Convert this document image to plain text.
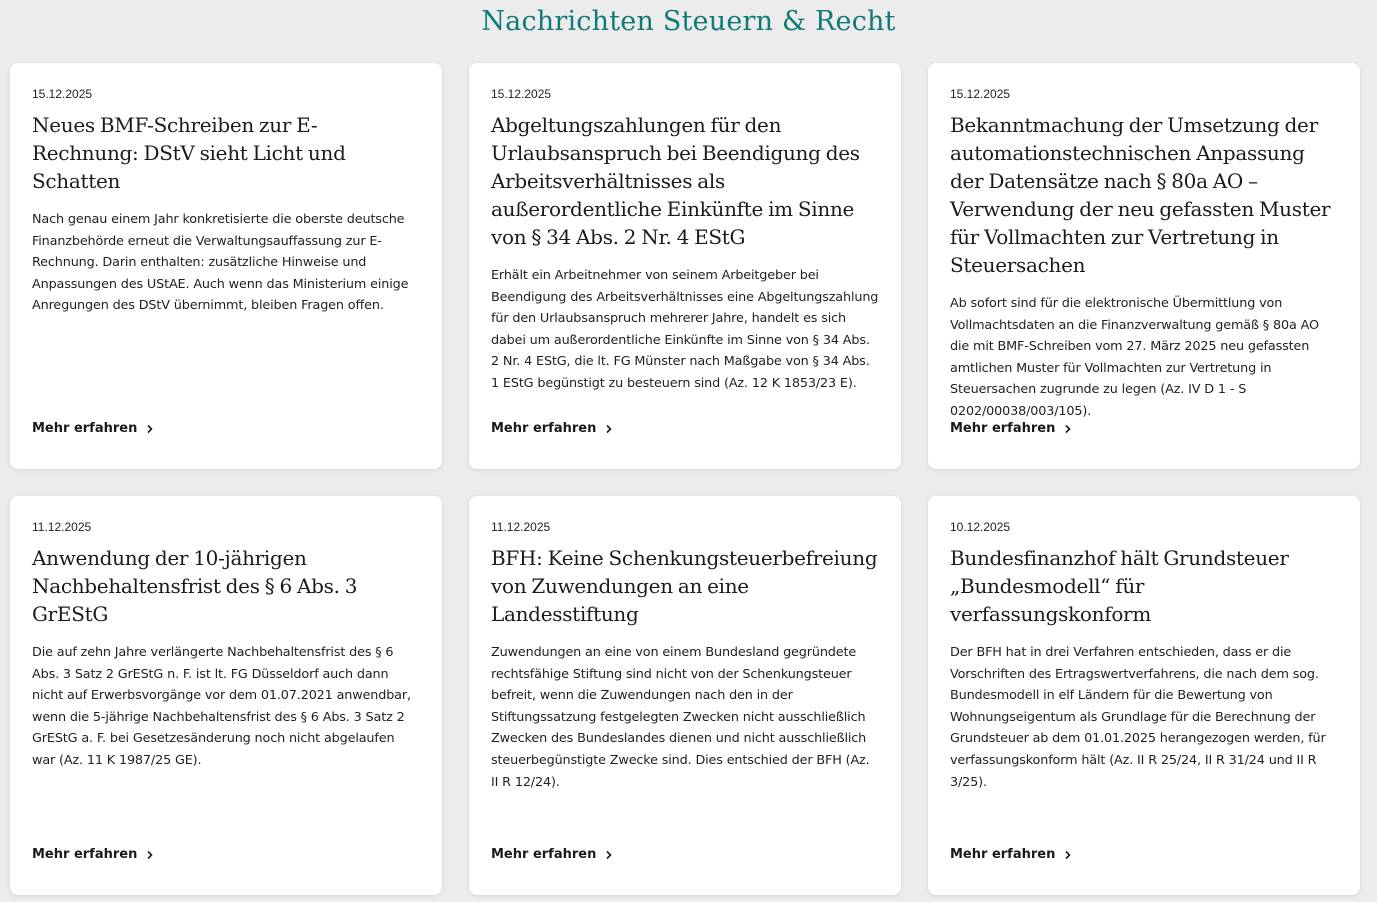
Nachrichten Steuern & Recht
15.12.2025
Neues BMF-Schreiben zur E-Rechnung: DStV sieht Licht und Schatten

Nach genau einem Jahr konkretisierte die oberste deutsche Finanzbehörde erneut die Verwaltungsauffassung zur E-Rechnung. Darin enthalten: zusätzliche Hinweise und Anpassungen des UStAE. Auch wenn das Ministerium einige Anregungen des DStV übernimmt, bleiben Fragen offen.

Mehr erfahren
15.12.2025
Abgeltungszahlungen für den Urlaubsanspruch bei Beendigung des Arbeitsverhältnisses als außerordentliche Einkünfte im Sinne von § 34 Abs. 2 Nr. 4 EStG

Erhält ein Arbeitnehmer von seinem Arbeitgeber bei Beendigung des Arbeitsverhältnisses eine Abgeltungszahlung für den Urlaubsanspruch mehrerer Jahre, handelt es sich dabei um außerordentliche Einkünfte im Sinne von § 34 Abs. 2 Nr. 4 EStG, die lt. FG Münster nach Maßgabe von § 34 Abs. 1 EStG begünstigt zu besteuern sind (Az. 12 K 1853/23 E).

Mehr erfahren
15.12.2025
Bekanntmachung der Umsetzung der automationstechnischen Anpassung der Datensätze nach § 80a AO – Verwendung der neu gefassten Muster für Vollmachten zur Vertretung in Steuersachen

Ab sofort sind für die elektronische Übermittlung von Vollmachtsdaten an die Finanzverwaltung gemäß § 80a AO die mit BMF-Schreiben vom 27. März 2025 neu gefassten amtlichen Muster für Vollmachten zur Vertretung in Steuersachen zugrunde zu legen (Az. IV D 1 - S 0202/00038/003/105).

Mehr erfahren
11.12.2025
Anwendung der 10-jährigen Nachbehaltensfrist des § 6 Abs. 3 GrEStG

Die auf zehn Jahre verlängerte Nachbehaltensfrist des § 6 Abs. 3 Satz 2 GrEStG n. F. ist lt. FG Düsseldorf auch dann nicht auf Erwerbsvorgänge vor dem 01.07.2021 anwendbar, wenn die 5-jährige Nachbehaltensfrist des § 6 Abs. 3 Satz 2 GrEStG a. F. bei Gesetzesänderung noch nicht abgelaufen war (Az. 11 K 1987/25 GE).

Mehr erfahren
11.12.2025
BFH: Keine Schenkungsteuerbefreiung von Zuwendungen an eine Landesstiftung

Zuwendungen an eine von einem Bundesland gegründete rechtsfähige Stiftung sind nicht von der Schenkungsteuer befreit, wenn die Zuwendungen nach den in der Stiftungssatzung festgelegten Zwecken nicht ausschließlich Zwecken des Bundeslandes dienen und nicht ausschließlich steuerbegünstigte Zwecke sind. Dies entschied der BFH (Az. II R 12/24).

Mehr erfahren
10.12.2025
Bundesfinanzhof hält Grundsteuer „Bundesmodell“ für verfassungskonform

Der BFH hat in drei Verfahren entschieden, dass er die Vorschriften des Ertragswertverfahrens, die nach dem sog. Bundesmodell in elf Ländern für die Bewertung von Wohnungseigentum als Grundlage für die Berechnung der Grundsteuer ab dem 01.01.2025 herangezogen werden, für verfassungskonform hält (Az. II R 25/24, II R 31/24 und II R 3/25).

Mehr erfahren
